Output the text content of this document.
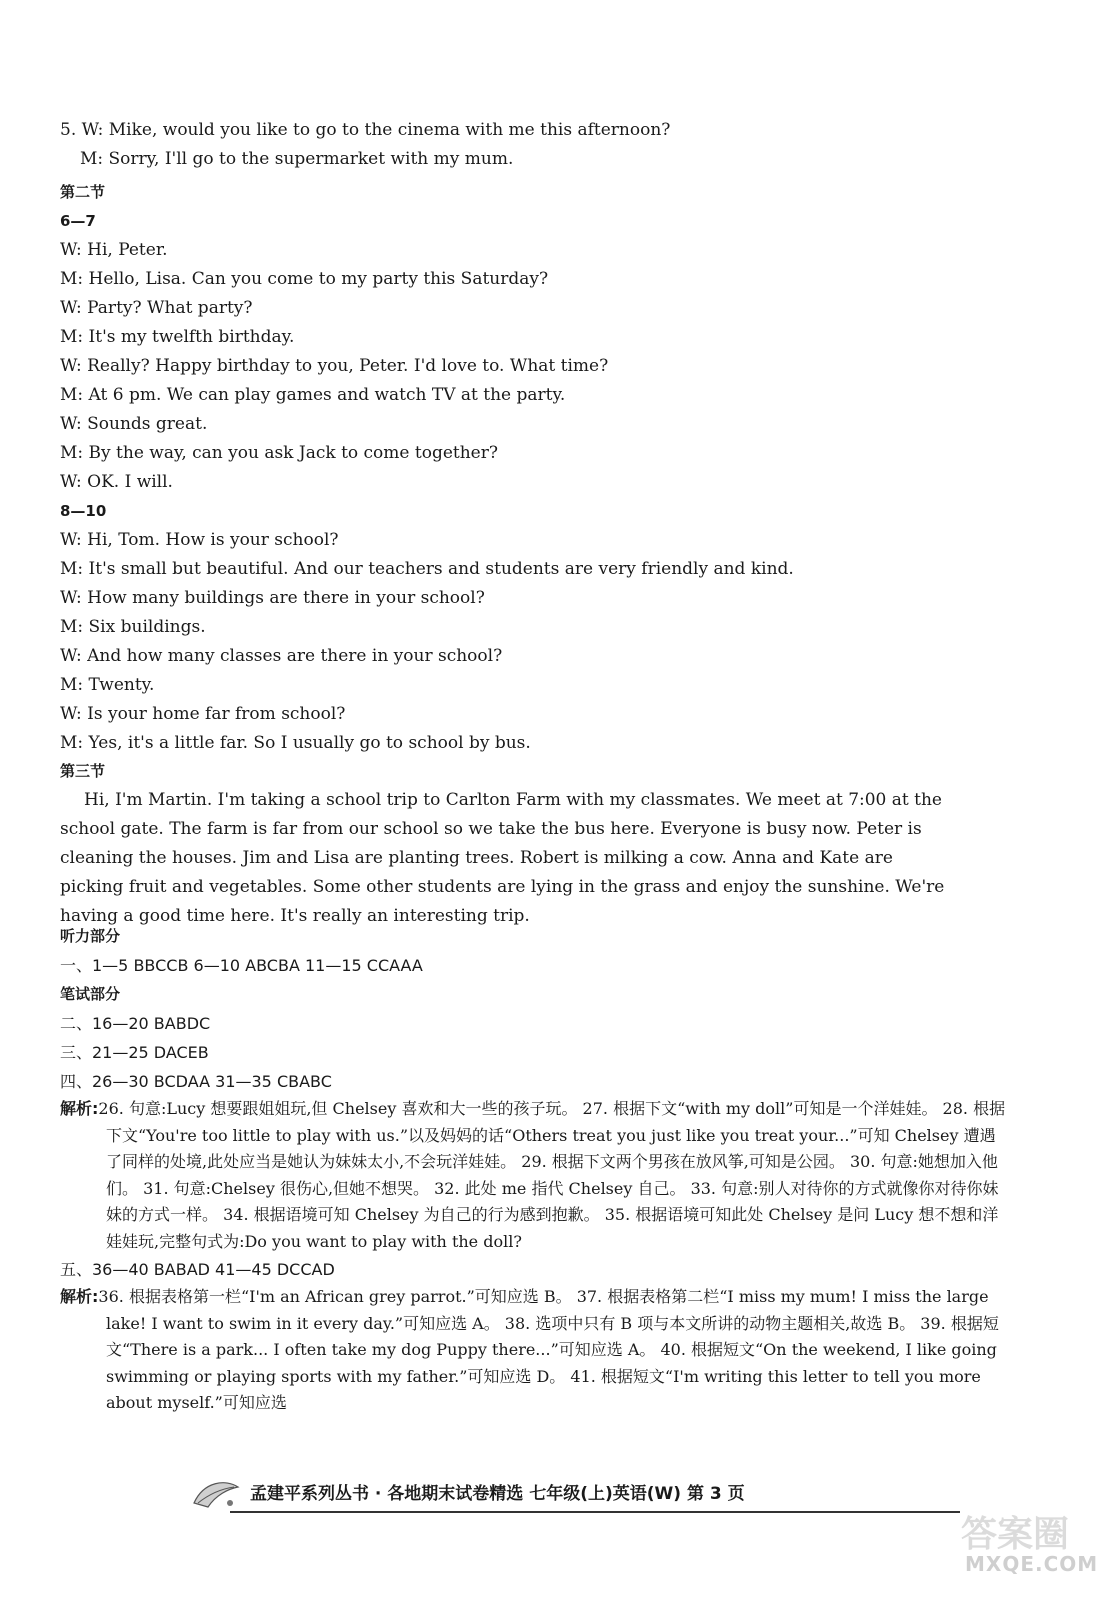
5. W: Mike, would you like to go to the cinema with me this afternoon?
M: Sorry, I'll go to the supermarket with my mum.
第二节
6—7
W: Hi, Peter.
M: Hello, Lisa. Can you come to my party this Saturday?
W: Party? What party?
M: It's my twelfth birthday.
W: Really? Happy birthday to you, Peter. I'd love to. What time?
M: At 6 pm. We can play games and watch TV at the party.
W: Sounds great.
M: By the way, can you ask Jack to come together?
W: OK. I will.
8—10
W: Hi, Tom. How is your school?
M: It's small but beautiful. And our teachers and students are very friendly and kind.
W: How many buildings are there in your school?
M: Six buildings.
W: And how many classes are there in your school?
M: Twenty.
W: Is your home far from school?
M: Yes, it's a little far. So I usually go to school by bus.
第三节
Hi, I'm Martin. I'm taking a school trip to Carlton Farm with my classmates. We meet at 7:00 at the school gate. The farm is far from our school so we take the bus here. Everyone is busy now. Peter is cleaning the houses. Jim and Lisa are planting trees. Robert is milking a cow. Anna and Kate are picking fruit and vegetables. Some other students are lying in the grass and enjoy the sunshine. We're having a good time here. It's really an interesting trip.
听力部分
一、1—5 BBCCB 6—10 ABCBA 11—15 CCAAA
笔试部分
二、16—20 BABDC
三、21—25 DACEB
四、26—30 BCDAA 31—35 CBABC
解析:26. 句意:Lucy 想要跟姐姐玩,但 Chelsey 喜欢和大一些的孩子玩。 27. 根据下文“with my doll”可知是一个洋娃娃。 28. 根据下文“You're too little to play with us.”以及妈妈的话“Others treat you just like you treat your...”可知 Chelsey 遭遇了同样的处境,此处应当是她认为妹妹太小,不会玩洋娃娃。 29. 根据下文两个男孩在放风筝,可知是公园。 30. 句意:她想加入他们。 31. 句意:Chelsey 很伤心,但她不想哭。 32. 此处 me 指代 Chelsey 自己。 33. 句意:别人对待你的方式就像你对待你妹妹的方式一样。 34. 根据语境可知 Chelsey 为自己的行为感到抱歉。 35. 根据语境可知此处 Chelsey 是问 Lucy 想不想和洋娃娃玩,完整句式为:Do you want to play with the doll?
五、36—40 BABAD 41—45 DCCAD
解析:36. 根据表格第一栏“I'm an African grey parrot.”可知应选 B。 37. 根据表格第二栏“I miss my mum! I miss the large lake! I want to swim in it every day.”可知应选 A。 38. 选项中只有 B 项与本文所讲的动物主题相关,故选 B。 39. 根据短文“There is a park... I often take my dog Puppy there...”可知应选 A。 40. 根据短文“On the weekend, I like going swimming or playing sports with my father.”可知应选 D。 41. 根据短文“I'm writing this letter to tell you more about myself.”可知应选
孟建平系列丛书 · 各地期末试卷精选 七年级(上)英语(W) 第 3 页
答案圈
MXQE.COM
